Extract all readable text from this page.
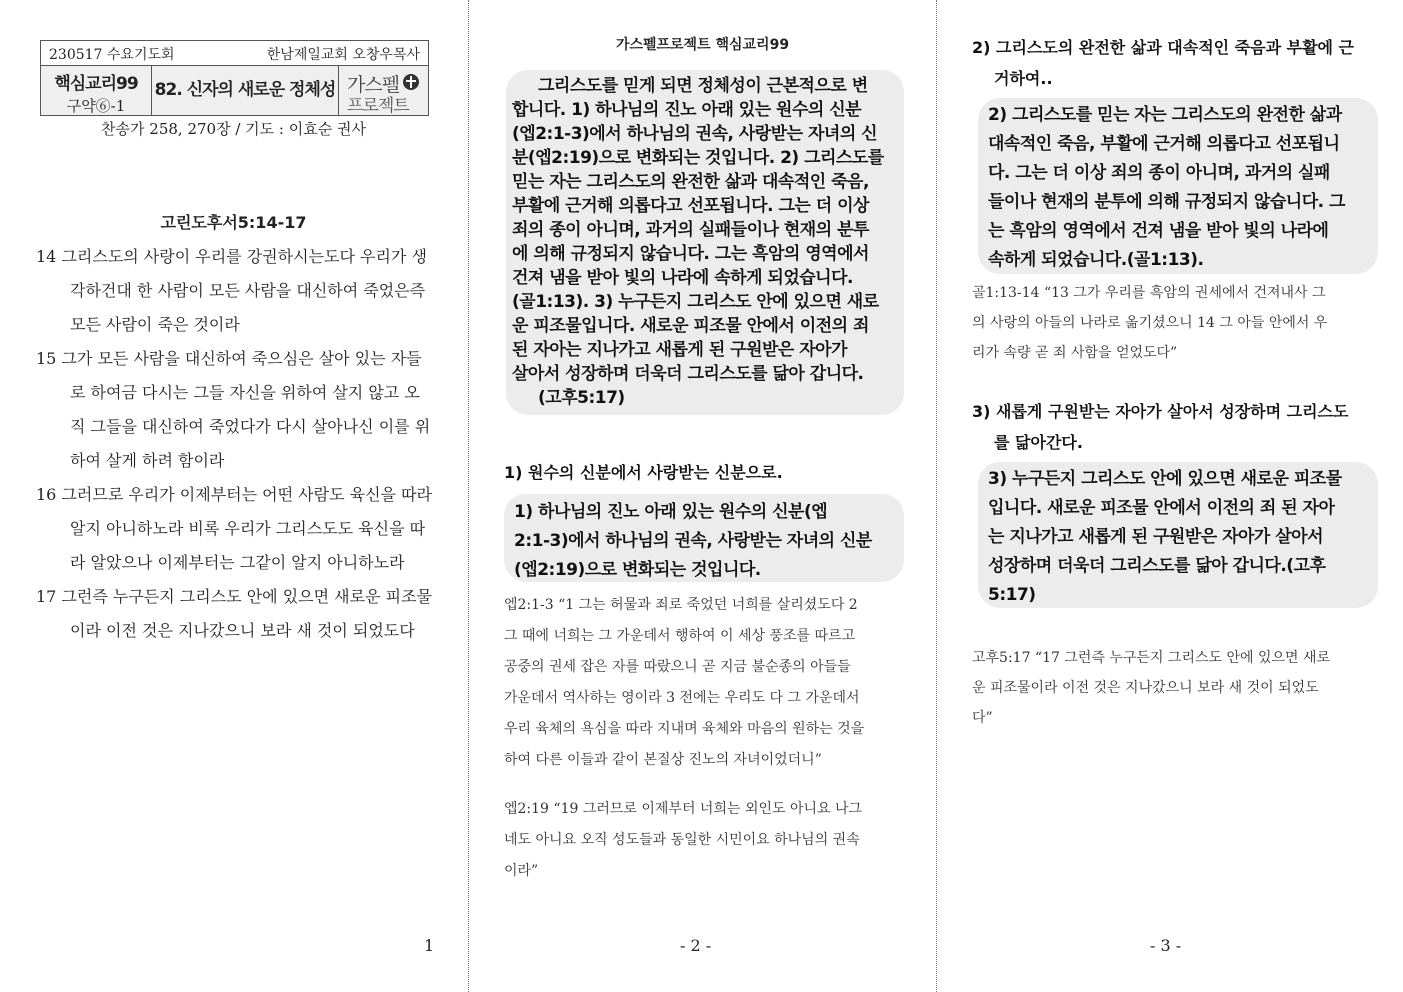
230517 수요기도회	한남제일교회 오창우목사
핵심교리99
구약⑥-1
82. 신자의 새로운 정체성 가스펠
프로젝트
찬송가 258, 270장 / 기도 : 이효순 권사
고린도후서5:14-17
14 그리스도의 사랑이 우리를 강권하시는도다 우리가 생각하건대 한 사람이 모든 사람을 대신하여 죽었은즉 모든 사람이 죽은 것이라
15 그가 모든 사람을 대신하여 죽으심은 살아 있는 자들로 하여금 다시는 그들 자신을 위하여 살지 않고 오직 그들을 대신하여 죽었다가 다시 살아나신 이를 위하여 살게 하려 함이라
16 그러므로 우리가 이제부터는 어떤 사람도 육신을 따라 알지 아니하노라 비록 우리가 그리스도도 육신을 따라 알았으나 이제부터는 그같이 알지 아니하노라
17 그런즉 누구든지 그리스도 안에 있으면 새로운 피조물이라 이전 것은 지나갔으니 보라 새 것이 되었도다
1
가스펠프로젝트 핵심교리99
그리스도를 믿게 되면 정체성이 근본적으로 변
합니다. 1) 하나님의 진노 아래 있는 원수의 신분
(엡2:1-3)에서 하나님의 권속, 사랑받는 자녀의 신
분(엡2:19)으로 변화되는 것입니다. 2) 그리스도를
믿는 자는 그리스도의 완전한 삶과 대속적인 죽음,
부활에 근거해 의롭다고 선포됩니다. 그는 더 이상
죄의 종이 아니며, 과거의 실패들이나 현재의 분투
에 의해 규정되지 않습니다. 그는 흑암의 영역에서
건져 냄을 받아 빛의 나라에 속하게 되었습니다.
(골1:13). 3) 누구든지 그리스도 안에 있으면 새로
운 피조물입니다. 새로운 피조물 안에서 이전의 죄
된 자아는 지나가고 새롭게 된 구원받은 자아가
살아서 성장하며 더욱더 그리스도를 닮아 갑니다.
(고후5:17)
1) 원수의 신분에서 사랑받는 신분으로.
1) 하나님의 진노 아래 있는 원수의 신분(엡
2:1-3)에서 하나님의 권속, 사랑받는 자녀의 신분
(엡2:19)으로 변화되는 것입니다.
엡2:1-3 “1 그는 허물과 죄로 죽었던 너희를 살리셨도다 2
그 때에 너희는 그 가운데서 행하여 이 세상 풍조를 따르고
공중의 권세 잡은 자를 따랐으니 곧 지금 불순종의 아들들
가운데서 역사하는 영이라 3 전에는 우리도 다 그 가운데서
우리 육체의 욕심을 따라 지내며 육체와 마음의 원하는 것을
하여 다른 이들과 같이 본질상 진노의 자녀이었더니”
엡2:19 “19 그러므로 이제부터 너희는 외인도 아니요 나그
네도 아니요 오직 성도들과 동일한 시민이요 하나님의 권속
이라”
- 2 -
2) 그리스도의 완전한 삶과 대속적인 죽음과 부활에 근
거하여..
2) 그리스도를 믿는 자는 그리스도의 완전한 삶과
대속적인 죽음, 부활에 근거해 의롭다고 선포됩니
다. 그는 더 이상 죄의 종이 아니며, 과거의 실패
들이나 현재의 분투에 의해 규정되지 않습니다. 그
는 흑암의 영역에서 건져 냄을 받아 빛의 나라에
속하게 되었습니다.(골1:13).
골1:13-14 “13 그가 우리를 흑암의 권세에서 건져내사 그
의 사랑의 아들의 나라로 옮기셨으니 14 그 아들 안에서 우
리가 속량 곧 죄 사함을 얻었도다”
3) 새롭게 구원받는 자아가 살아서 성장하며 그리스도
를 닮아간다.
3) 누구든지 그리스도 안에 있으면 새로운 피조물
입니다. 새로운 피조물 안에서 이전의 죄 된 자아
는 지나가고 새롭게 된 구원받은 자아가 살아서
성장하며 더욱더 그리스도를 닮아 갑니다.(고후
5:17)
고후5:17 “17 그런즉 누구든지 그리스도 안에 있으면 새로
운 피조물이라 이전 것은 지나갔으니 보라 새 것이 되었도
다”
- 3 -
